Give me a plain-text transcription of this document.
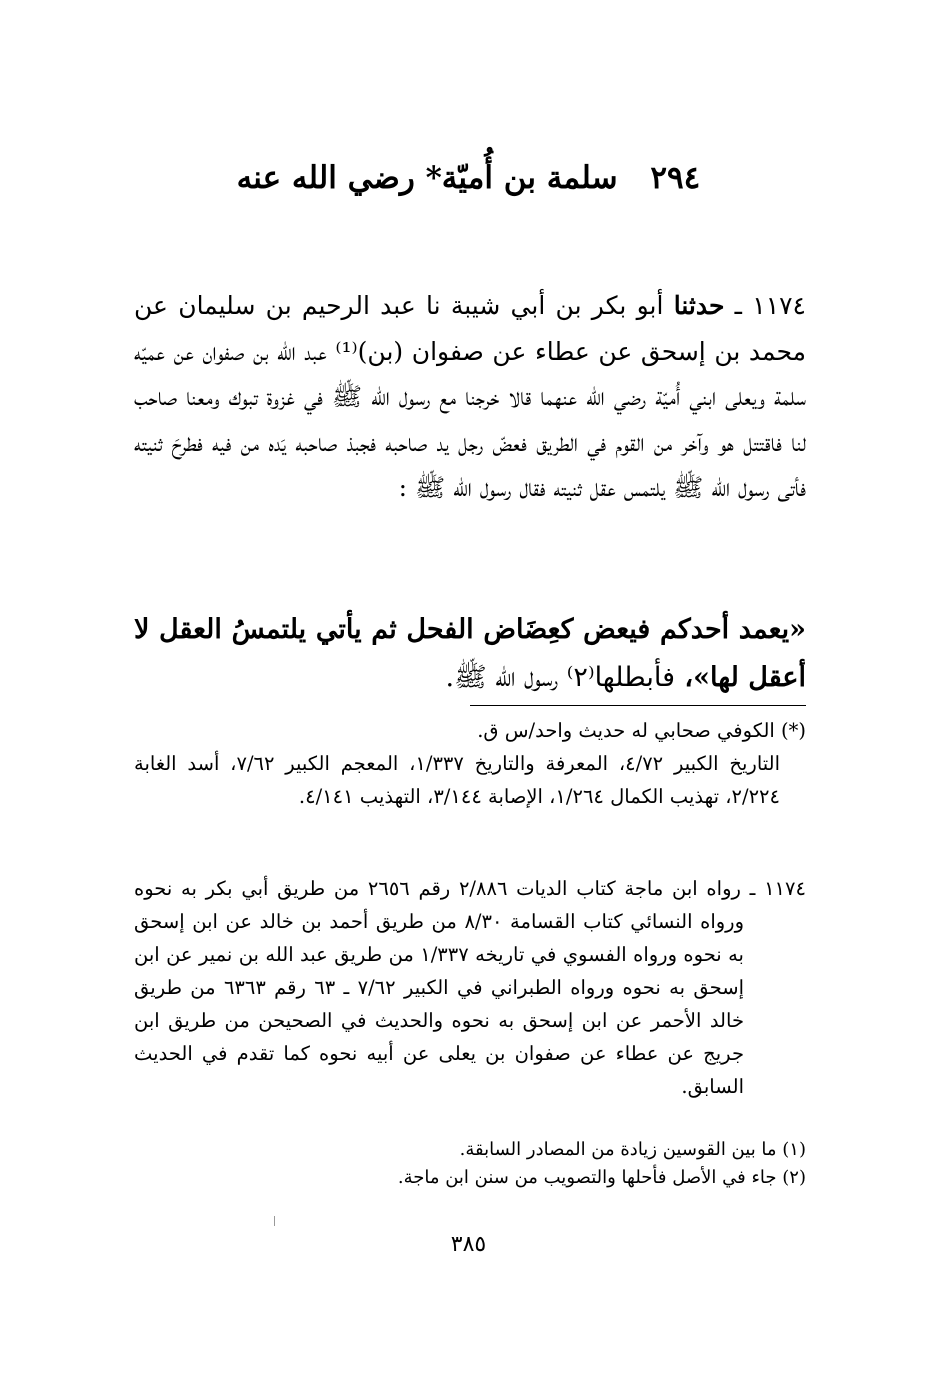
٢٩٤ سلمة بن أُميّة* رضي الله عنه
١١٧٤ ـ حدثنا أبو بكر بن أبي شيبة نا عبد الرحيم بن سليمان عن محمد بن إسحق عن عطاء عن صفوان (بن)⁽¹⁾ عبد الله بن صفوان عن عميّه سلمة ويعلى ابني أُميّة رضي الله عنهما قالا خرجنا مع رسول الله ﷺ في غزوة تبوك ومعنا صاحب لنا فاقتتل هو وآخر من القوم في الطريق فعضّ رجل يد صاحبه فجبذ صاحبه يَده من فيه فطرحَ ثنيته فأتى رسول الله ﷺ يلتمس عقل ثنيته فقال رسول الله ﷺ :
«يعمد أحدكم فيعض كعِضَاض الفحل ثم يأتي يلتمسُ العقل لا أعقل لها»، فأبطلها⁽٢⁾ رسول الله ﷺ.
(*) الكوفي صحابي له حديث واحد/س ق.
التاريخ الكبير ٤/٧٢، المعرفة والتاريخ ١/٣٣٧، المعجم الكبير ٧/٦٢، أسد الغابة ٢/٢٢٤، تهذيب الكمال ١/٢٦٤، الإصابة ٣/١٤٤، التهذيب ٤/١٤١.
١١٧٤ ـ رواه ابن ماجة كتاب الديات ٢/٨٨٦ رقم ٢٦٥٦ من طريق أبي بكر به نحوه ورواه النسائي كتاب القسامة ٨/٣٠ من طريق أحمد بن خالد عن ابن إسحق به نحوه ورواه الفسوي في تاريخه ١/٣٣٧ من طريق عبد الله بن نمير عن ابن إسحق به نحوه ورواه الطبراني في الكبير ٧/٦٢ ـ ٦٣ رقم ٦٣٦٣ من طريق خالد الأحمر عن ابن إسحق به نحوه والحديث في الصحيحن من طريق ابن جريج عن عطاء عن صفوان بن يعلى عن أبيه نحوه كما تقدم في الحديث السابق.
(١) ما بين القوسين زيادة من المصادر السابقة.
(٢) جاء في الأصل فأحلها والتصويب من سنن ابن ماجة.
٣٨٥
